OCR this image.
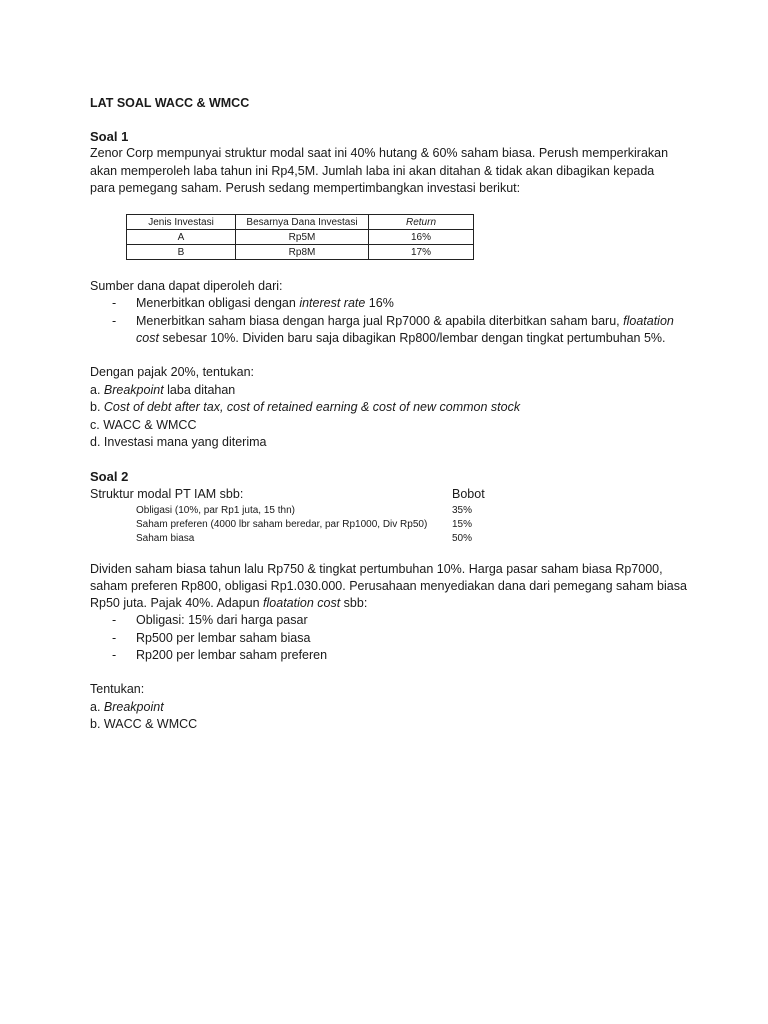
LAT SOAL WACC & WMCC
Soal 1
Zenor Corp mempunyai struktur modal saat ini 40% hutang & 60% saham biasa. Perush memperkirakan
akan memperoleh laba tahun ini Rp4,5M. Jumlah laba ini akan ditahan & tidak akan dibagikan kepada
para pemegang saham. Perush sedang mempertimbangkan investasi berikut:
Jenis Investasi	Besarnya Dana Investasi	Return
A	Rp5M	16%
B	Rp8M	17%
Sumber dana dapat diperoleh dari:
- Menerbitkan obligasi dengan interest rate 16%
- Menerbitkan saham biasa dengan harga jual Rp7000 & apabila diterbitkan saham baru, floatation
cost sebesar 10%. Dividen baru saja dibagikan Rp800/lembar dengan tingkat pertumbuhan 5%.
Dengan pajak 20%, tentukan:
a. Breakpoint laba ditahan
b. Cost of debt after tax, cost of retained earning & cost of new common stock
c. WACC & WMCC
d. Investasi mana yang diterima
Soal 2
Struktur modal PT IAM sbb:	Bobot
Obligasi (10%, par Rp1 juta, 15 thn)	35%
Saham preferen (4000 lbr saham beredar, par Rp1000, Div Rp50) 15%
Saham biasa	50%
Dividen saham biasa tahun lalu Rp750 & tingkat pertumbuhan 10%. Harga pasar saham biasa Rp7000,
saham preferen Rp800, obligasi Rp1.030.000. Perusahaan menyediakan dana dari pemegang saham biasa
Rp50 juta. Pajak 40%. Adapun floatation cost sbb:
- Obligasi: 15% dari harga pasar
- Rp500 per lembar saham biasa
- Rp200 per lembar saham preferen
Tentukan:
a. Breakpoint
b. WACC & WMCC
